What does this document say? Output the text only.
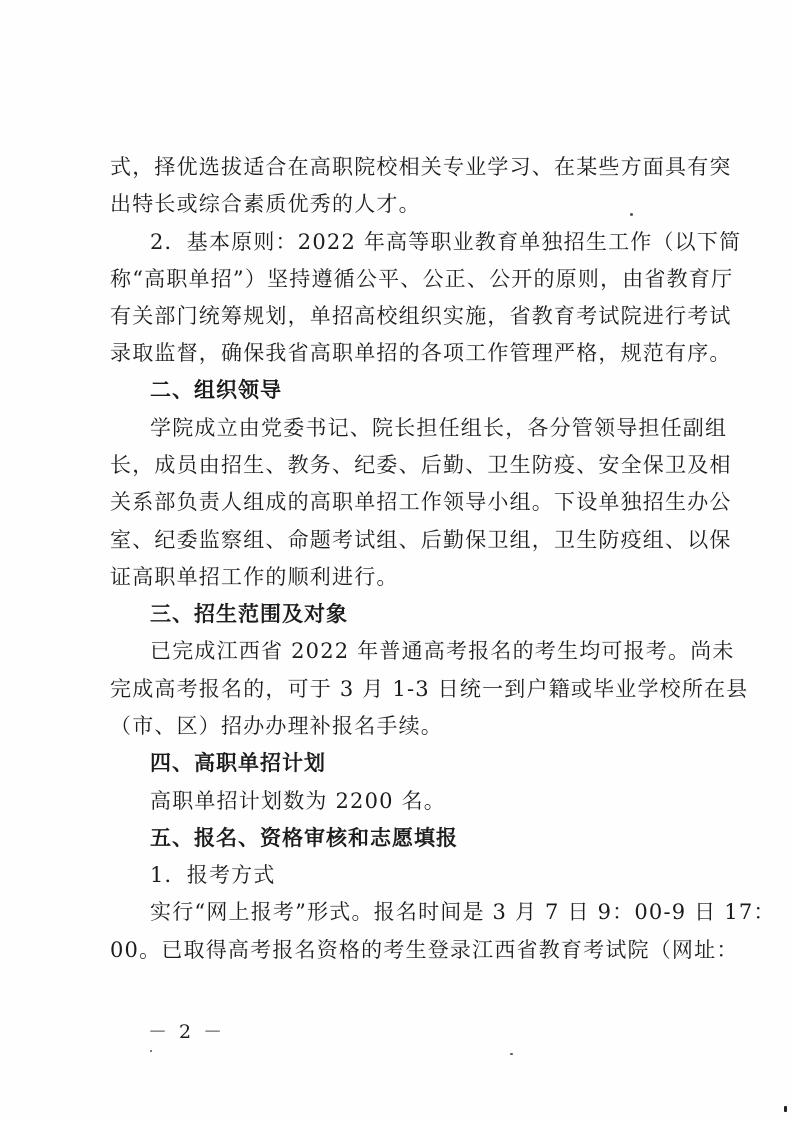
式，择优选拔适合在高职院校相关专业学习、在某些方面具有突
出特长或综合素质优秀的人才。
2．基本原则：2022 年高等职业教育单独招生工作（以下简
称“高职单招”）坚持遵循公平、公正、公开的原则，由省教育厅
有关部门统筹规划，单招高校组织实施，省教育考试院进行考试
录取监督，确保我省高职单招的各项工作管理严格，规范有序。
二、组织领导
学院成立由党委书记、院长担任组长，各分管领导担任副组
长，成员由招生、教务、纪委、后勤、卫生防疫、安全保卫及相
关系部负责人组成的高职单招工作领导小组。下设单独招生办公
室、纪委监察组、命题考试组、后勤保卫组，卫生防疫组、以保
证高职单招工作的顺利进行。
三、招生范围及对象
已完成江西省 2022 年普通高考报名的考生均可报考。尚未
完成高考报名的，可于 3 月 1-3 日统一到户籍或毕业学校所在县
（市、区）招办办理补报名手续。
四、高职单招计划
高职单招计划数为 2200 名。
五、报名、资格审核和志愿填报
1．报考方式
实行“网上报考”形式。报名时间是 3 月 7 日 9：00-9 日 17：
00。已取得高考报名资格的考生登录江西省教育考试院（网址：
－ 2 －
